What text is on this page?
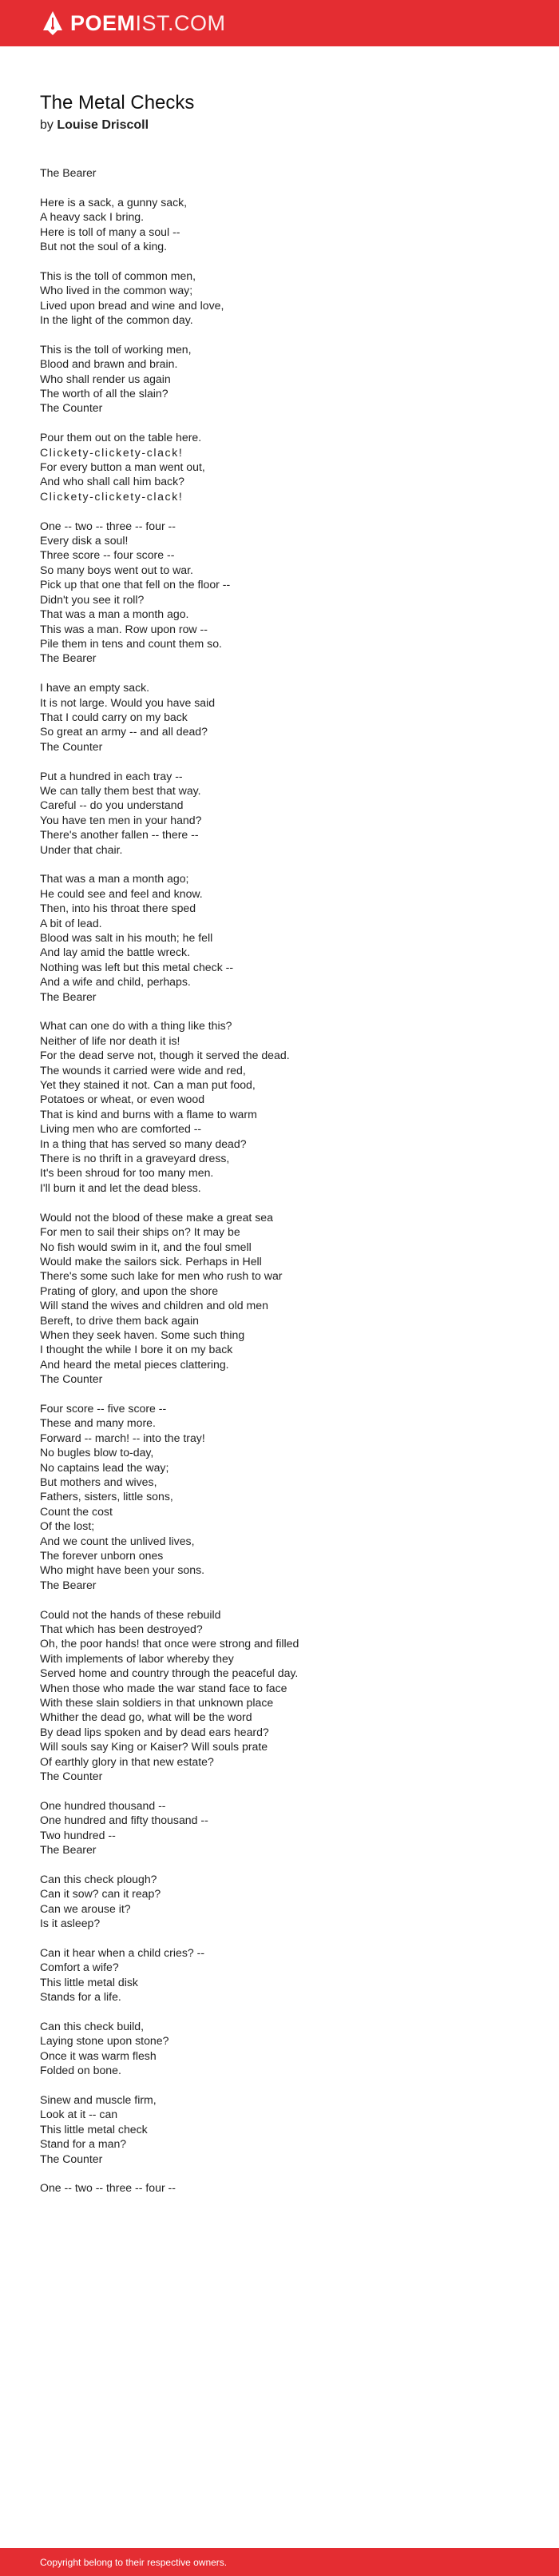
POEMIST.COM
The Metal Checks
by Louise Driscoll
The Bearer
Here is a sack, a gunny sack,
A heavy sack I bring.
Here is toll of many a soul --
But not the soul of a king.
This is the toll of common men,
Who lived in the common way;
Lived upon bread and wine and love,
In the light of the common day.
This is the toll of working men,
Blood and brawn and brain.
Who shall render us again
The worth of all the slain?
The Counter
Pour them out on the table here.
Clickety-clickety-clack!
For every button a man went out,
And who shall call him back?
Clickety-clickety-clack!
One -- two -- three -- four --
Every disk a soul!
Three score -- four score --
So many boys went out to war.
Pick up that one that fell on the floor --
Didn't you see it roll?
That was a man a month ago.
This was a man. Row upon row --
Pile them in tens and count them so.
The Bearer
I have an empty sack.
It is not large. Would you have said
That I could carry on my back
So great an army -- and all dead?
The Counter
Put a hundred in each tray --
We can tally them best that way.
Careful -- do you understand
You have ten men in your hand?
There's another fallen -- there --
Under that chair.
That was a man a month ago;
He could see and feel and know.
Then, into his throat there sped
A bit of lead.
Blood was salt in his mouth; he fell
And lay amid the battle wreck.
Nothing was left but this metal check --
And a wife and child, perhaps.
The Bearer
What can one do with a thing like this?
Neither of life nor death it is!
For the dead serve not, though it served the dead.
The wounds it carried were wide and red,
Yet they stained it not. Can a man put food,
Potatoes or wheat, or even wood
That is kind and burns with a flame to warm
Living men who are comforted --
In a thing that has served so many dead?
There is no thrift in a graveyard dress,
It's been shroud for too many men.
I'll burn it and let the dead bless.
Would not the blood of these make a great sea
For men to sail their ships on? It may be
No fish would swim in it, and the foul smell
Would make the sailors sick. Perhaps in Hell
There's some such lake for men who rush to war
Prating of glory, and upon the shore
Will stand the wives and children and old men
Bereft, to drive them back again
When they seek haven. Some such thing
I thought the while I bore it on my back
And heard the metal pieces clattering.
The Counter
Four score -- five score --
These and many more.
Forward -- march! -- into the tray!
No bugles blow to-day,
No captains lead the way;
But mothers and wives,
Fathers, sisters, little sons,
Count the cost
Of the lost;
And we count the unlived lives,
The forever unborn ones
Who might have been your sons.
The Bearer
Could not the hands of these rebuild
That which has been destroyed?
Oh, the poor hands! that once were strong and filled
With implements of labor whereby they
Served home and country through the peaceful day.
When those who made the war stand face to face
With these slain soldiers in that unknown place
Whither the dead go, what will be the word
By dead lips spoken and by dead ears heard?
Will souls say King or Kaiser? Will souls prate
Of earthly glory in that new estate?
The Counter
One hundred thousand --
One hundred and fifty thousand --
Two hundred --
The Bearer
Can this check plough?
Can it sow? can it reap?
Can we arouse it?
Is it asleep?
Can it hear when a child cries? --
Comfort a wife?
This little metal disk
Stands for a life.
Can this check build,
Laying stone upon stone?
Once it was warm flesh
Folded on bone.
Sinew and muscle firm,
Look at it -- can
This little metal check
Stand for a man?
The Counter
One -- two -- three -- four --
Copyright belong to their respective owners.
